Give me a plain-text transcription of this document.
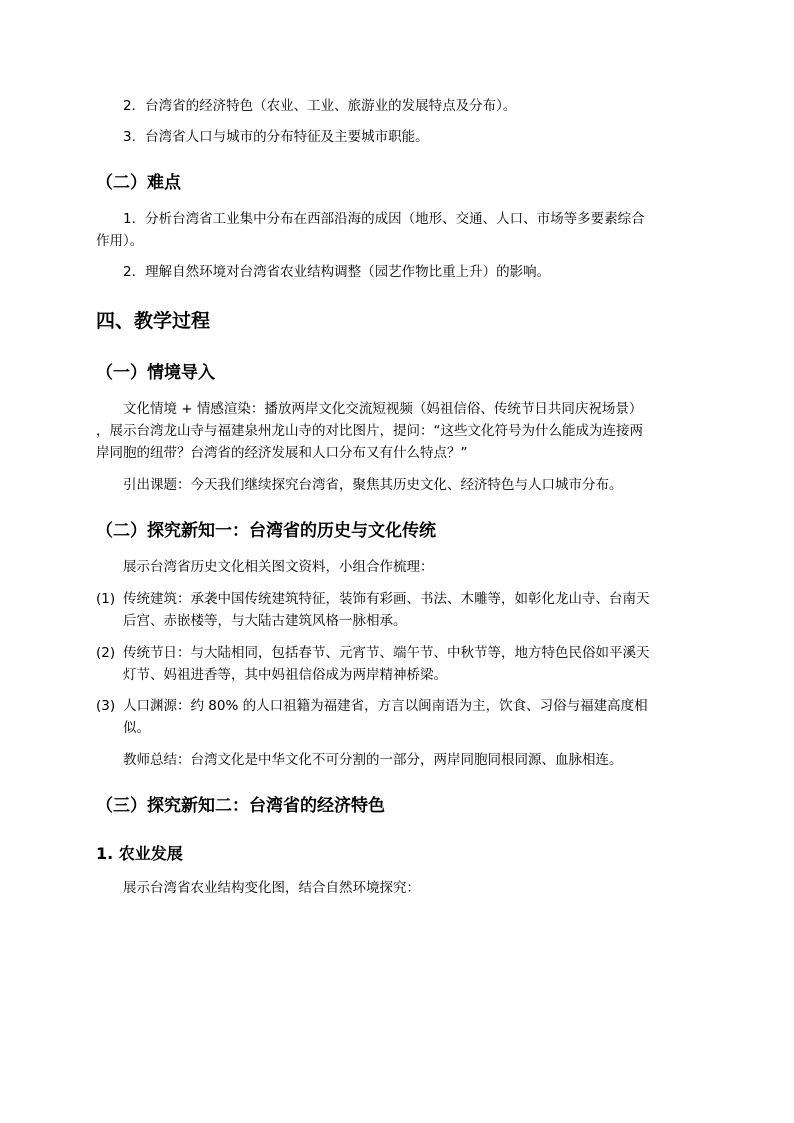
2．台湾省的经济特色（农业、工业、旅游业的发展特点及分布）。
3．台湾省人口与城市的分布特征及主要城市职能。
（二）难点
1．分析台湾省工业集中分布在西部沿海的成因（地形、交通、人口、市场等多要素综合
作用）。
2．理解自然环境对台湾省农业结构调整（园艺作物比重上升）的影响。
四、教学过程
（一）情境导入
文化情境 + 情感渲染：播放两岸文化交流短视频（妈祖信俗、传统节日共同庆祝场景）
，展示台湾龙山寺与福建泉州龙山寺的对比图片，提问：“这些文化符号为什么能成为连接两
岸同胞的纽带？台湾省的经济发展和人口分布又有什么特点？”
引出课题：今天我们继续探究台湾省，聚焦其历史文化、经济特色与人口城市分布。
（二）探究新知一：台湾省的历史与文化传统
展示台湾省历史文化相关图文资料，小组合作梳理：
(1) 传统建筑：承袭中国传统建筑特征，装饰有彩画、书法、木雕等，如彰化龙山寺、台南天
后宫、赤嵌楼等，与大陆古建筑风格一脉相承。
(2) 传统节日：与大陆相同，包括春节、元宵节、端午节、中秋节等，地方特色民俗如平溪天
灯节、妈祖进香等，其中妈祖信俗成为两岸精神桥梁。
(3) 人口渊源：约 80% 的人口祖籍为福建省，方言以闽南语为主，饮食、习俗与福建高度相
似。
教师总结：台湾文化是中华文化不可分割的一部分，两岸同胞同根同源、血脉相连。
（三）探究新知二：台湾省的经济特色
1. 农业发展
展示台湾省农业结构变化图，结合自然环境探究：
